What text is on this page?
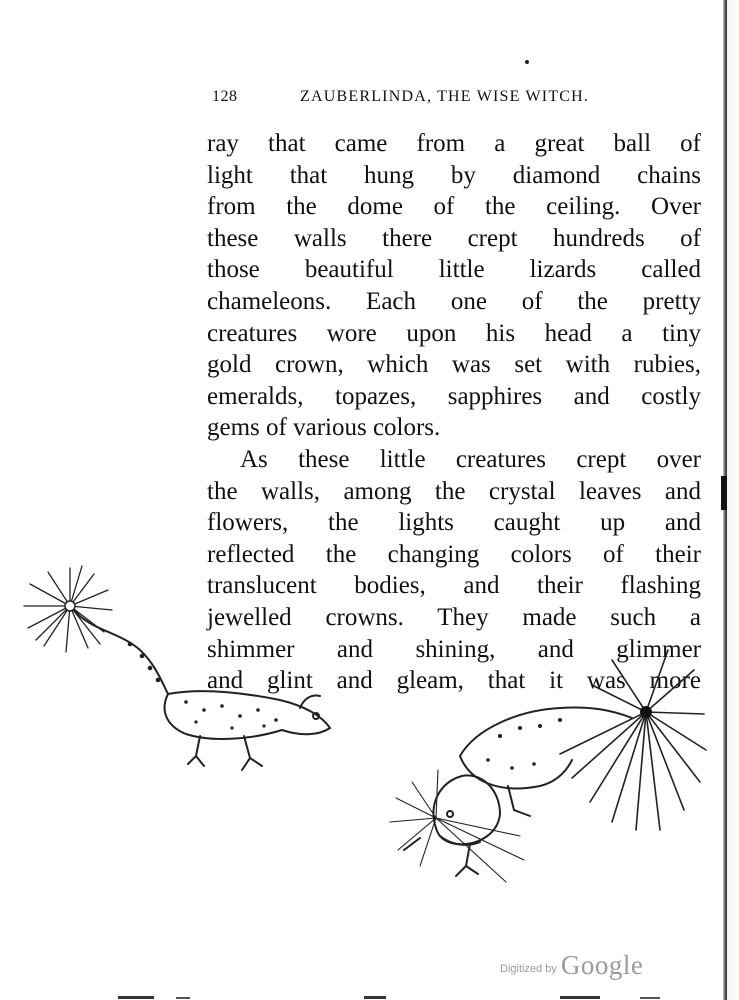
128	ZAUBERLINDA, THE WISE WITCH.
ray that came from a great ball of
light that hung by diamond chains
from the dome of the ceiling. Over
these walls there crept hundreds of
those beautiful little lizards called
chameleons. Each one of the pretty
creatures wore upon his head a tiny
gold crown, which was set with rubies,
emeralds, topazes, sapphires and costly
gems of various colors.
As these little creatures crept over
the walls, among the crystal leaves and
flowers, the lights caught up and
reflected the changing colors of their
translucent bodies, and their flashing
jewelled crowns. They made such a
shimmer and shining, and glimmer
and glint and gleam, that it was more
Digitized by Google
